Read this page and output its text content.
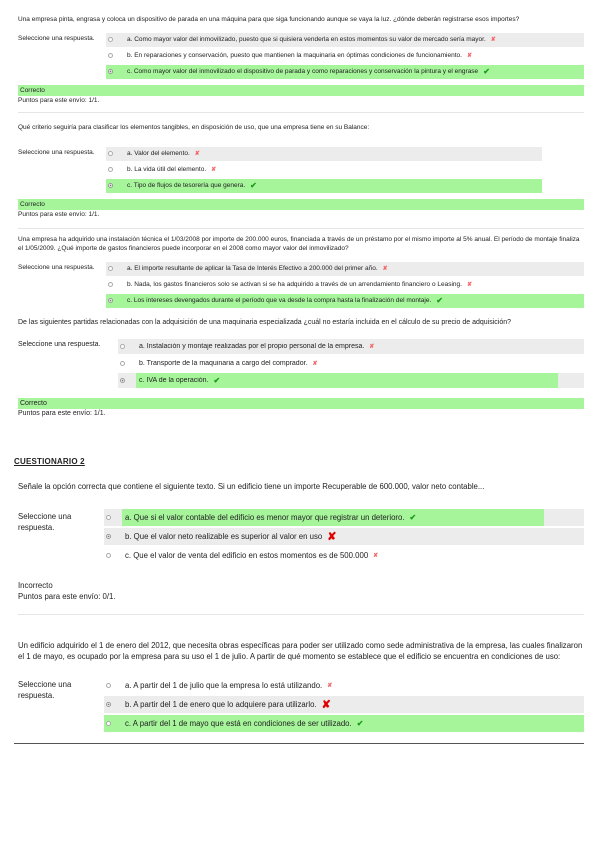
Una empresa pinta, engrasa y coloca un dispositivo de parada en una máquina para que siga funcionando aunque se vaya la luz. ¿dónde deberán registrarse esos importes?
Seleccione una respuesta.	a. Como mayor valor del inmovilizado, puesto que si quisiera venderla en estos momentos su valor de mercado sería mayor. ✘
b. En reparaciones y conservación, puesto que mantienen la maquinaria en óptimas condiciones de funcionamiento. ✘
c. Como mayor valor del inmovilizado el dispositivo de parada y como reparaciones y conservación la pintura y el engrase ✔
Correcto
Puntos para este envío: 1/1.
Qué criterio seguiría para clasificar los elementos tangibles, en disposición de uso, que una empresa tiene en su Balance:
Seleccione una respuesta.	a. Valor del elemento. ✘
b. La vida útil del elemento. ✘
c. Tipo de flujos de tesorería que genera. ✔
Correcto
Puntos para este envío: 1/1.
Una empresa ha adquirido una instalación técnica el 1/03/2008 por importe de 200.000 euros, financiada a través de un préstamo por el mismo importe al 5% anual. El período de montaje finaliza el 1/05/2009. ¿Qué importe de gastos financieros puede incorporar en el 2008 como mayor valor del inmovilizado?
Seleccione una respuesta.	a. El importe resultante de aplicar la Tasa de Interés Efectivo a 200.000 del primer año. ✘
b. Nada, los gastos financieros solo se activan si se ha adquirido a través de un arrendamiento financiero o Leasing. ✘
c. Los intereses devengados durante el período que va desde la compra hasta la finalización del montaje. ✔
De las siguientes partidas relacionadas con la adquisición de una maquinaria especializada ¿cuál no estaría incluida en el cálculo de su precio de adquisición?
Seleccione una respuesta.	a. Instalación y montaje realizadas por el propio personal de la empresa. ✘
b. Transporte de la maquinaria a cargo del comprador. ✘
c. IVA de la operación. ✔
Correcto
Puntos para este envío: 1/1.
CUESTIONARIO 2
Señale la opción correcta que contiene el siguiente texto. Si un edificio tiene un importe Recuperable de 600.000, valor neto contable...
Seleccione una respuesta.
a. Que si el valor contable del edificio es menor mayor que registrar un deterioro. ✔
b. Que el valor neto realizable es superior al valor en uso ✘
c. Que el valor de venta del edificio en estos momentos es de 500.000 ✘
Incorrecto
Puntos para este envío: 0/1.
Un edificio adquirido el 1 de enero del 2012, que necesita obras específicas para poder ser utilizado como sede administrativa de la empresa, las cuales finalizaron el 1 de mayo, es ocupado por la empresa para su uso el 1 de julio. A partir de qué momento se establece que el edificio se encuentra en condiciones de uso:
Seleccione una respuesta.
a. A partir del 1 de julio que la empresa lo está utilizando. ✘
b. A partir del 1 de enero que lo adquiere para utilizarlo. ✘
c. A partir del 1 de mayo que está en condiciones de ser utilizado. ✔
